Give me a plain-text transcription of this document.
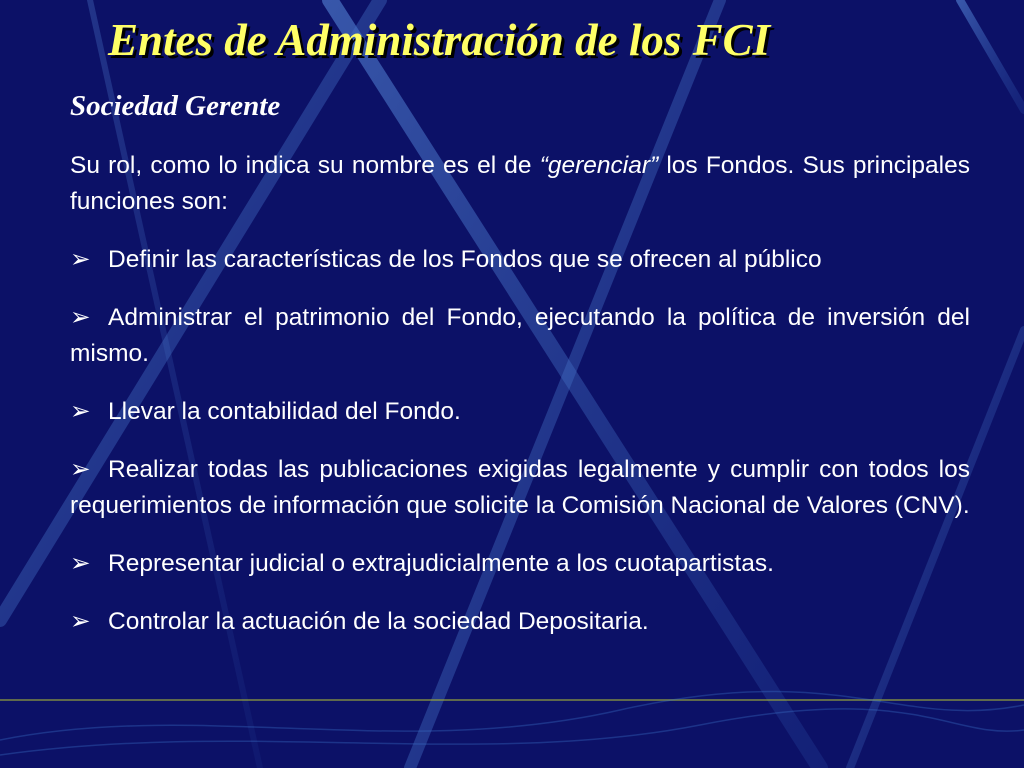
Entes de Administración de los FCI
Sociedad Gerente

Su rol, como lo indica su nombre es el de “gerenciar” los Fondos. Sus principales funciones son:

➢ Definir las características de los Fondos que se ofrecen al público
➢ Administrar el patrimonio del Fondo, ejecutando la política de inversión del mismo.
➢ Llevar la contabilidad del Fondo.
➢ Realizar todas las publicaciones exigidas legalmente y cumplir con todos los requerimientos de información que solicite la Comisión Nacional de Valores (CNV).
➢ Representar judicial o extrajudicialmente a los cuotapartistas.
➢ Controlar la actuación de la sociedad Depositaria.
